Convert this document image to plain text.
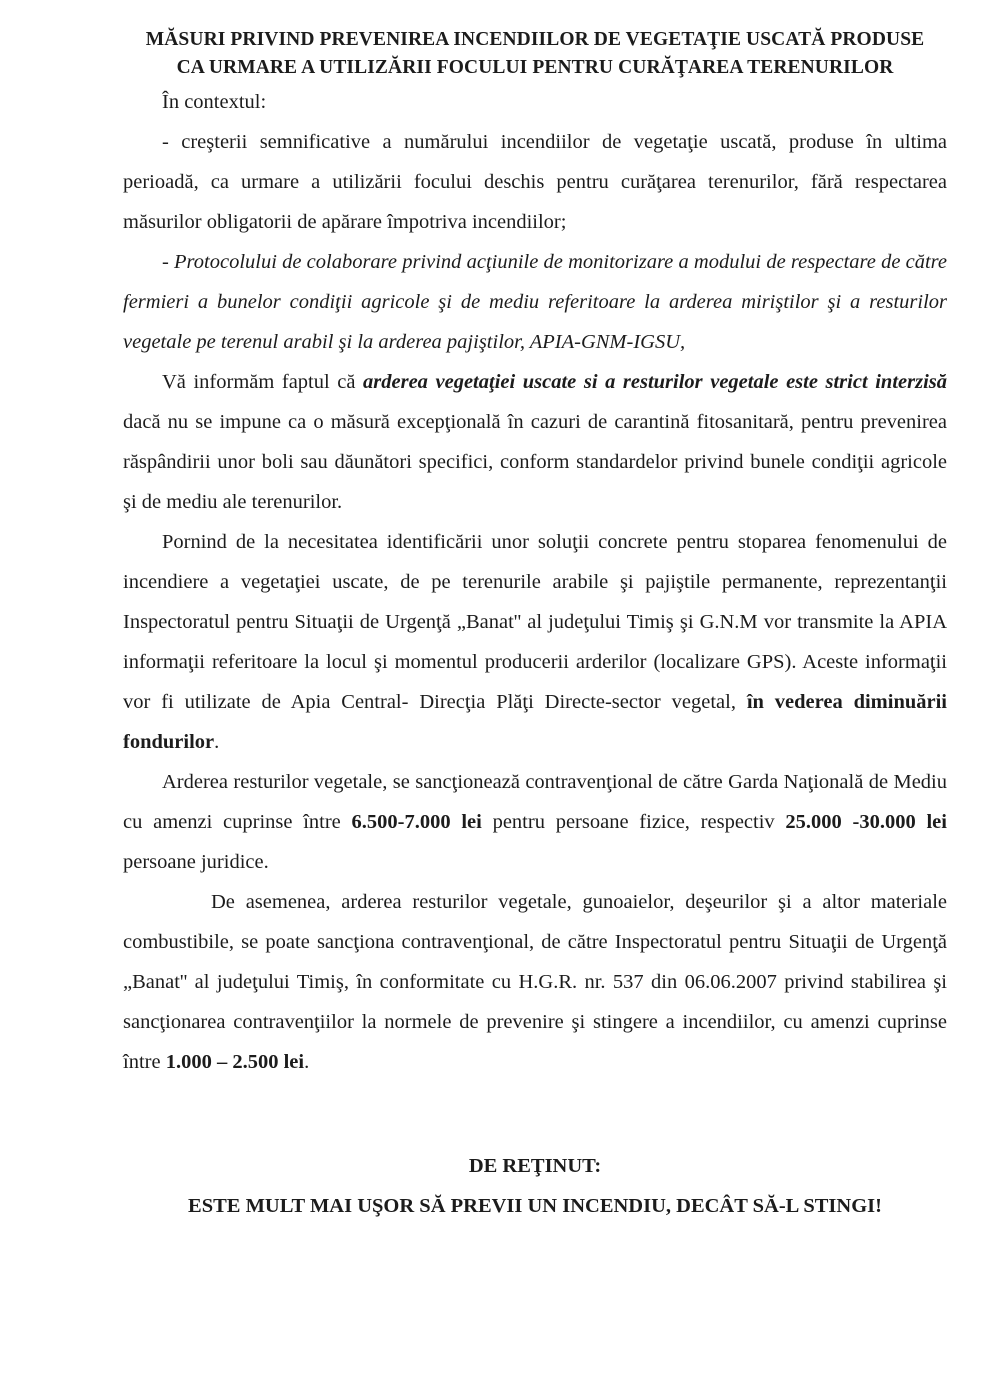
MĂSURI PRIVIND PREVENIREA INCENDIILOR DE VEGETAŢIE USCATĂ PRODUSE
CA URMARE A UTILIZĂRII FOCULUI PENTRU CURĂŢAREA TERENURILOR

În contextul:

- creşterii semnificative a numărului incendiilor de vegetaţie uscată, produse în ultima perioadă, ca urmare a utilizării focului deschis pentru curăţarea terenurilor, fără respectarea măsurilor obligatorii de apărare împotriva incendiilor;

- Protocolului de colaborare privind acţiunile de monitorizare a modului de respectare de către fermieri a bunelor condiţii agricole şi de mediu referitoare la arderea miriştilor şi a resturilor vegetale pe terenul arabil şi la arderea pajiştilor, APIA-GNM-IGSU,

Vă informăm faptul că arderea vegetaţiei uscate si a resturilor vegetale este strict interzisă dacă nu se impune ca o măsură excepţională în cazuri de carantină fitosanitară, pentru prevenirea răspândirii unor boli sau dăunători specifici, conform standardelor privind bunele condiţii agricole şi de mediu ale terenurilor.

Pornind de la necesitatea identificării unor soluţii concrete pentru stoparea fenomenului de incendiere a vegetaţiei uscate, de pe terenurile arabile şi pajiştile permanente, reprezentanţii Inspectoratul pentru Situaţii de Urgenţă „Banat'' al judeţului Timiş şi G.N.M vor transmite la APIA informaţii referitoare la locul şi momentul producerii arderilor (localizare GPS). Aceste informaţii vor fi utilizate de Apia Central- Direcţia Plăţi Directe-sector vegetal, în vederea diminuării fondurilor.

Arderea resturilor vegetale, se sancţionează contravenţional de către Garda Naţională de Mediu cu amenzi cuprinse între 6.500-7.000 lei pentru persoane fizice, respectiv 25.000 -30.000 lei persoane juridice.

De asemenea, arderea resturilor vegetale, gunoaielor, deşeurilor şi a altor materiale combustibile, se poate sancţiona contravenţional, de către Inspectoratul pentru Situaţii de Urgenţă „Banat'' al judeţului Timiş, în conformitate cu H.G.R. nr. 537 din 06.06.2007 privind stabilirea şi sancţionarea contravenţiilor la normele de prevenire şi stingere a incendiilor, cu amenzi cuprinse între 1.000 – 2.500 lei.

DE REŢINUT:

ESTE MULT MAI UŞOR SĂ PREVII UN INCENDIU, DECÂT SĂ-L STINGI!
